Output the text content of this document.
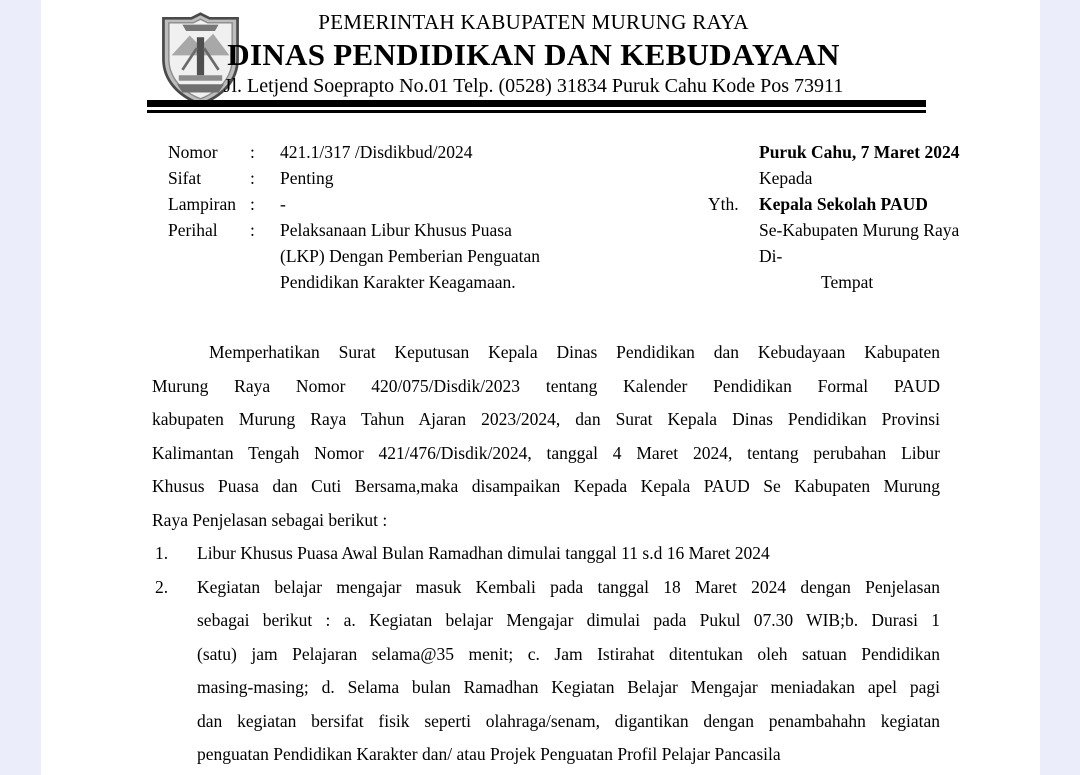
PEMERINTAH KABUPATEN MURUNG RAYA
DINAS PENDIDIKAN DAN KEBUDAYAAN
Jl. Letjend Soeprapto No.01 Telp. (0528) 31834 Puruk Cahu Kode Pos 73911
Nomor	:	421.1/317 /Disdikbud/2024
Sifat	:	Penting
Lampiran :	-
Perihal	:	Pelaksanaan Libur Khusus Puasa (LKP) Dengan Pemberian Penguatan Pendidikan Karakter Keagamaan.
Puruk Cahu, 7 Maret 2024
Kepada
Yth.	Kepala Sekolah PAUD
Se-Kabupaten Murung Raya
Di-
Tempat
Memperhatikan Surat Keputusan Kepala Dinas Pendidikan dan Kebudayaan Kabupaten
Murung Raya Nomor 420/075/Disdik/2023 tentang Kalender Pendidikan Formal PAUD
kabupaten Murung Raya Tahun Ajaran 2023/2024, dan Surat Kepala Dinas Pendidikan Provinsi
Kalimantan Tengah Nomor 421/476/Disdik/2024, tanggal 4 Maret 2024, tentang perubahan Libur
Khusus Puasa dan Cuti Bersama,maka disampaikan Kepada Kepala PAUD Se Kabupaten Murung
Raya Penjelasan sebagai berikut :
1.	Libur Khusus Puasa Awal Bulan Ramadhan dimulai tanggal 11 s.d 16 Maret 2024
2.	Kegiatan belajar mengajar masuk Kembali pada tanggal 18 Maret 2024 dengan Penjelasan
sebagai berikut : a. Kegiatan belajar Mengajar dimulai pada Pukul 07.30 WIB;b. Durasi 1
(satu) jam Pelajaran selama@35 menit; c. Jam Istirahat ditentukan oleh satuan Pendidikan
masing-masing; d. Selama bulan Ramadhan Kegiatan Belajar Mengajar meniadakan apel pagi
dan kegiatan bersifat fisik seperti olahraga/senam, digantikan dengan penambahahn kegiatan
penguatan Pendidikan Karakter dan/ atau Projek Penguatan Profil Pelajar Pancasila
